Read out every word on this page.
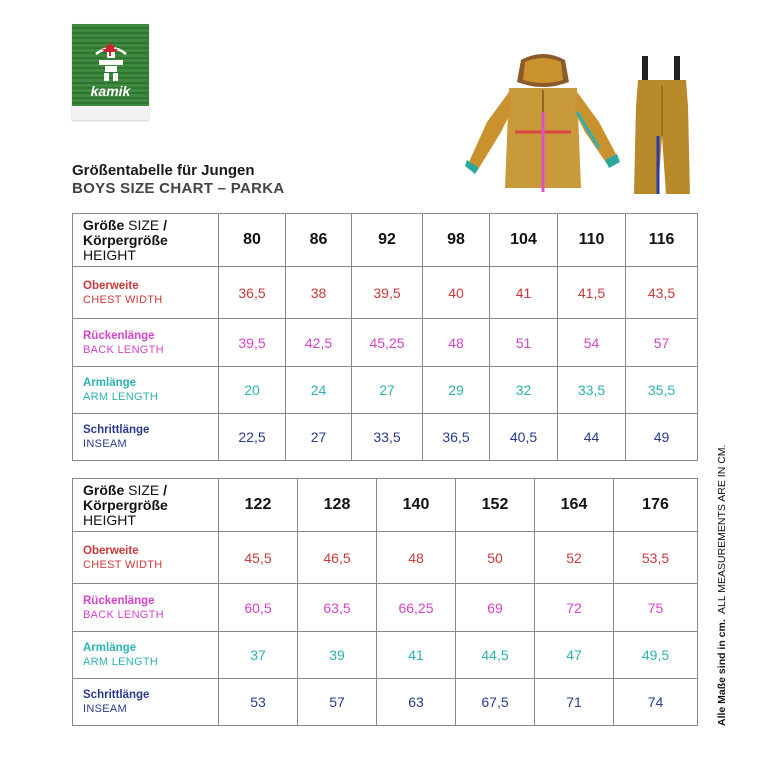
kamik
Größentabelle für Jungen
BOYS SIZE CHART – PARKA
Größe SIZE /
Körpergröße HEIGHT	80	86	92	98	104	110	116

Oberweite
CHEST WIDTH	36,5	38	39,5	40	41	41,5	43,5

Rückenlänge
BACK LENGTH	39,5	42,5	45,25	48	51	54	57

Armlänge
ARM LENGTH	20	24	27	29	32	33,5	35,5

Schrittlänge
INSEAM	22,5	27	33,5	36,5	40,5	44	49
Größe SIZE /
Körpergröße HEIGHT	122	128	140	152	164	176

Oberweite
CHEST WIDTH	45,5	46,5	48	50	52	53,5

Rückenlänge
BACK LENGTH	60,5	63,5	66,25	69	72	75

Armlänge
ARM LENGTH	37	39	41	44,5	47	49,5

Schrittlänge
INSEAM	53	57	63	67,5	71	74	Alle Maße sind in cm.  ALL MEASUREMENTS ARE IN CM.
